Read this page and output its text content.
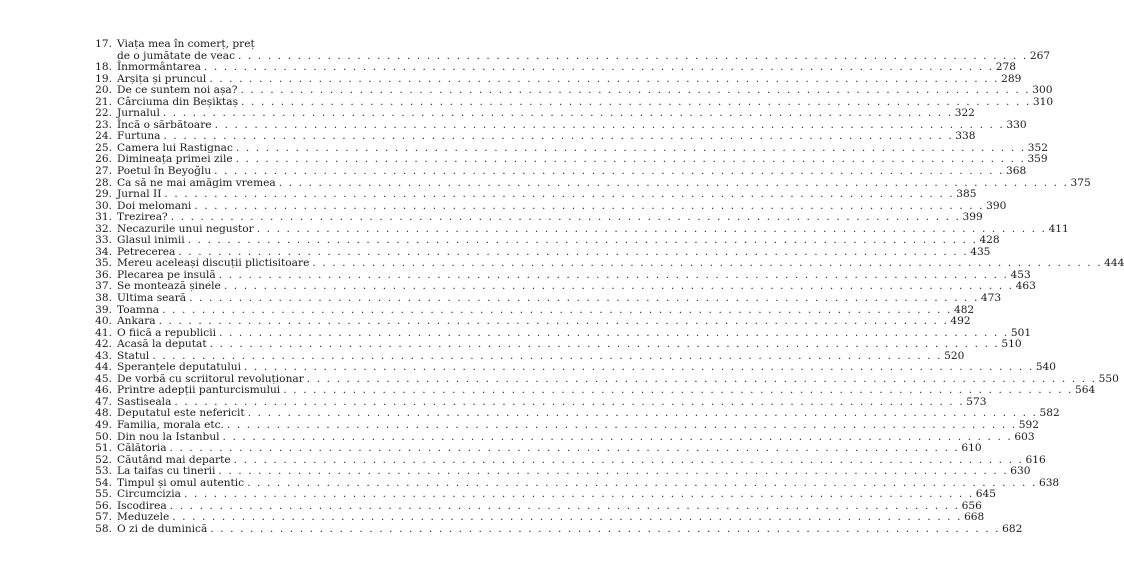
17. Viața mea în comerț, preț
de o jumătate de veac . . . . . . . . . . . . . . . . . . . . . . . . . . . . . . . . . . . . . . . . . . . . . . . . . . . . . . . . . . . . . . . . . . . . . . . . . . . . . . . . 267
18. Înmormântarea . . . . . . . . . . . . . . . . . . . . . . . . . . . . . . . . . . . . . . . . . . . . . . . . . . . . . . . . . . . . . . . . . . . . . . . . . . . . . . . . 278
19. Arșița și pruncul . . . . . . . . . . . . . . . . . . . . . . . . . . . . . . . . . . . . . . . . . . . . . . . . . . . . . . . . . . . . . . . . . . . . . . . . . . . . . . . . 289
20. De ce suntem noi așa? . . . . . . . . . . . . . . . . . . . . . . . . . . . . . . . . . . . . . . . . . . . . . . . . . . . . . . . . . . . . . . . . . . . . . . . . . . . . . . . . 300
21. Cârciuma din Beșiktaș . . . . . . . . . . . . . . . . . . . . . . . . . . . . . . . . . . . . . . . . . . . . . . . . . . . . . . . . . . . . . . . . . . . . . . . . . . . . . . . . 310
22. Jurnalul . . . . . . . . . . . . . . . . . . . . . . . . . . . . . . . . . . . . . . . . . . . . . . . . . . . . . . . . . . . . . . . . . . . . . . . . . . . . . . . . 322
23. Încă o sărbătoare . . . . . . . . . . . . . . . . . . . . . . . . . . . . . . . . . . . . . . . . . . . . . . . . . . . . . . . . . . . . . . . . . . . . . . . . . . . . . . . . 330
24. Furtuna . . . . . . . . . . . . . . . . . . . . . . . . . . . . . . . . . . . . . . . . . . . . . . . . . . . . . . . . . . . . . . . . . . . . . . . . . . . . . . . . 338
25. Camera lui Rastignac . . . . . . . . . . . . . . . . . . . . . . . . . . . . . . . . . . . . . . . . . . . . . . . . . . . . . . . . . . . . . . . . . . . . . . . . . . . . . . . . 352
26. Dimineața primei zile . . . . . . . . . . . . . . . . . . . . . . . . . . . . . . . . . . . . . . . . . . . . . . . . . . . . . . . . . . . . . . . . . . . . . . . . . . . . . . . . 359
27. Poetul în Beyoğlu . . . . . . . . . . . . . . . . . . . . . . . . . . . . . . . . . . . . . . . . . . . . . . . . . . . . . . . . . . . . . . . . . . . . . . . . . . . . . . . . 368
28. Ca să ne mai amăgim vremea . . . . . . . . . . . . . . . . . . . . . . . . . . . . . . . . . . . . . . . . . . . . . . . . . . . . . . . . . . . . . . . . . . . . . . . . . . . . . . . . 375
29. Jurnal II . . . . . . . . . . . . . . . . . . . . . . . . . . . . . . . . . . . . . . . . . . . . . . . . . . . . . . . . . . . . . . . . . . . . . . . . . . . . . . . . 385
30. Doi melomani . . . . . . . . . . . . . . . . . . . . . . . . . . . . . . . . . . . . . . . . . . . . . . . . . . . . . . . . . . . . . . . . . . . . . . . . . . . . . . . . 390
31. Trezirea? . . . . . . . . . . . . . . . . . . . . . . . . . . . . . . . . . . . . . . . . . . . . . . . . . . . . . . . . . . . . . . . . . . . . . . . . . . . . . . . . 399
32. Necazurile unui negustor . . . . . . . . . . . . . . . . . . . . . . . . . . . . . . . . . . . . . . . . . . . . . . . . . . . . . . . . . . . . . . . . . . . . . . . . . . . . . . . . 411
33. Glasul inimii . . . . . . . . . . . . . . . . . . . . . . . . . . . . . . . . . . . . . . . . . . . . . . . . . . . . . . . . . . . . . . . . . . . . . . . . . . . . . . . . 428
34. Petrecerea . . . . . . . . . . . . . . . . . . . . . . . . . . . . . . . . . . . . . . . . . . . . . . . . . . . . . . . . . . . . . . . . . . . . . . . . . . . . . . . . 435
35. Mereu aceleași discuții plictisitoare . . . . . . . . . . . . . . . . . . . . . . . . . . . . . . . . . . . . . . . . . . . . . . . . . . . . . . . . . . . . . . . . . . . . . . . . . . . . . . . . 444
36. Plecarea pe insulă . . . . . . . . . . . . . . . . . . . . . . . . . . . . . . . . . . . . . . . . . . . . . . . . . . . . . . . . . . . . . . . . . . . . . . . . . . . . . . . . 453
37. Se montează șinele . . . . . . . . . . . . . . . . . . . . . . . . . . . . . . . . . . . . . . . . . . . . . . . . . . . . . . . . . . . . . . . . . . . . . . . . . . . . . . . . 463
38. Ultima seară . . . . . . . . . . . . . . . . . . . . . . . . . . . . . . . . . . . . . . . . . . . . . . . . . . . . . . . . . . . . . . . . . . . . . . . . . . . . . . . . 473
39. Toamna . . . . . . . . . . . . . . . . . . . . . . . . . . . . . . . . . . . . . . . . . . . . . . . . . . . . . . . . . . . . . . . . . . . . . . . . . . . . . . . . 482
40. Ankara . . . . . . . . . . . . . . . . . . . . . . . . . . . . . . . . . . . . . . . . . . . . . . . . . . . . . . . . . . . . . . . . . . . . . . . . . . . . . . . . 492
41. O fiică a republicii . . . . . . . . . . . . . . . . . . . . . . . . . . . . . . . . . . . . . . . . . . . . . . . . . . . . . . . . . . . . . . . . . . . . . . . . . . . . . . . . 501
42. Acasă la deputat . . . . . . . . . . . . . . . . . . . . . . . . . . . . . . . . . . . . . . . . . . . . . . . . . . . . . . . . . . . . . . . . . . . . . . . . . . . . . . . . 510
43. Statul . . . . . . . . . . . . . . . . . . . . . . . . . . . . . . . . . . . . . . . . . . . . . . . . . . . . . . . . . . . . . . . . . . . . . . . . . . . . . . . . 520
44. Speranțele deputatului . . . . . . . . . . . . . . . . . . . . . . . . . . . . . . . . . . . . . . . . . . . . . . . . . . . . . . . . . . . . . . . . . . . . . . . . . . . . . . . . 540
45. De vorbă cu scriitorul revoluționar . . . . . . . . . . . . . . . . . . . . . . . . . . . . . . . . . . . . . . . . . . . . . . . . . . . . . . . . . . . . . . . . . . . . . . . . . . . . . . . . 550
46. Printre adepții panturcismului . . . . . . . . . . . . . . . . . . . . . . . . . . . . . . . . . . . . . . . . . . . . . . . . . . . . . . . . . . . . . . . . . . . . . . . . . . . . . . . . 564
47. Sastiseala . . . . . . . . . . . . . . . . . . . . . . . . . . . . . . . . . . . . . . . . . . . . . . . . . . . . . . . . . . . . . . . . . . . . . . . . . . . . . . . . 573
48. Deputatul este nefericit . . . . . . . . . . . . . . . . . . . . . . . . . . . . . . . . . . . . . . . . . . . . . . . . . . . . . . . . . . . . . . . . . . . . . . . . . . . . . . . . 582
49. Familia, morala etc. . . . . . . . . . . . . . . . . . . . . . . . . . . . . . . . . . . . . . . . . . . . . . . . . . . . . . . . . . . . . . . . . . . . . . . . . . . . . . . . . 592
50. Din nou la Istanbul . . . . . . . . . . . . . . . . . . . . . . . . . . . . . . . . . . . . . . . . . . . . . . . . . . . . . . . . . . . . . . . . . . . . . . . . . . . . . . . . 603
51. Călătoria . . . . . . . . . . . . . . . . . . . . . . . . . . . . . . . . . . . . . . . . . . . . . . . . . . . . . . . . . . . . . . . . . . . . . . . . . . . . . . . . 610
52. Căutând mai departe . . . . . . . . . . . . . . . . . . . . . . . . . . . . . . . . . . . . . . . . . . . . . . . . . . . . . . . . . . . . . . . . . . . . . . . . . . . . . . . . 616
53. La taifas cu tinerii . . . . . . . . . . . . . . . . . . . . . . . . . . . . . . . . . . . . . . . . . . . . . . . . . . . . . . . . . . . . . . . . . . . . . . . . . . . . . . . . 630
54. Timpul și omul autentic . . . . . . . . . . . . . . . . . . . . . . . . . . . . . . . . . . . . . . . . . . . . . . . . . . . . . . . . . . . . . . . . . . . . . . . . . . . . . . . . 638
55. Circumcizia . . . . . . . . . . . . . . . . . . . . . . . . . . . . . . . . . . . . . . . . . . . . . . . . . . . . . . . . . . . . . . . . . . . . . . . . . . . . . . . . 645
56. Iscodirea . . . . . . . . . . . . . . . . . . . . . . . . . . . . . . . . . . . . . . . . . . . . . . . . . . . . . . . . . . . . . . . . . . . . . . . . . . . . . . . . 656
57. Meduzele . . . . . . . . . . . . . . . . . . . . . . . . . . . . . . . . . . . . . . . . . . . . . . . . . . . . . . . . . . . . . . . . . . . . . . . . . . . . . . . . 668
58. O zi de duminică . . . . . . . . . . . . . . . . . . . . . . . . . . . . . . . . . . . . . . . . . . . . . . . . . . . . . . . . . . . . . . . . . . . . . . . . . . . . . . . . 682
